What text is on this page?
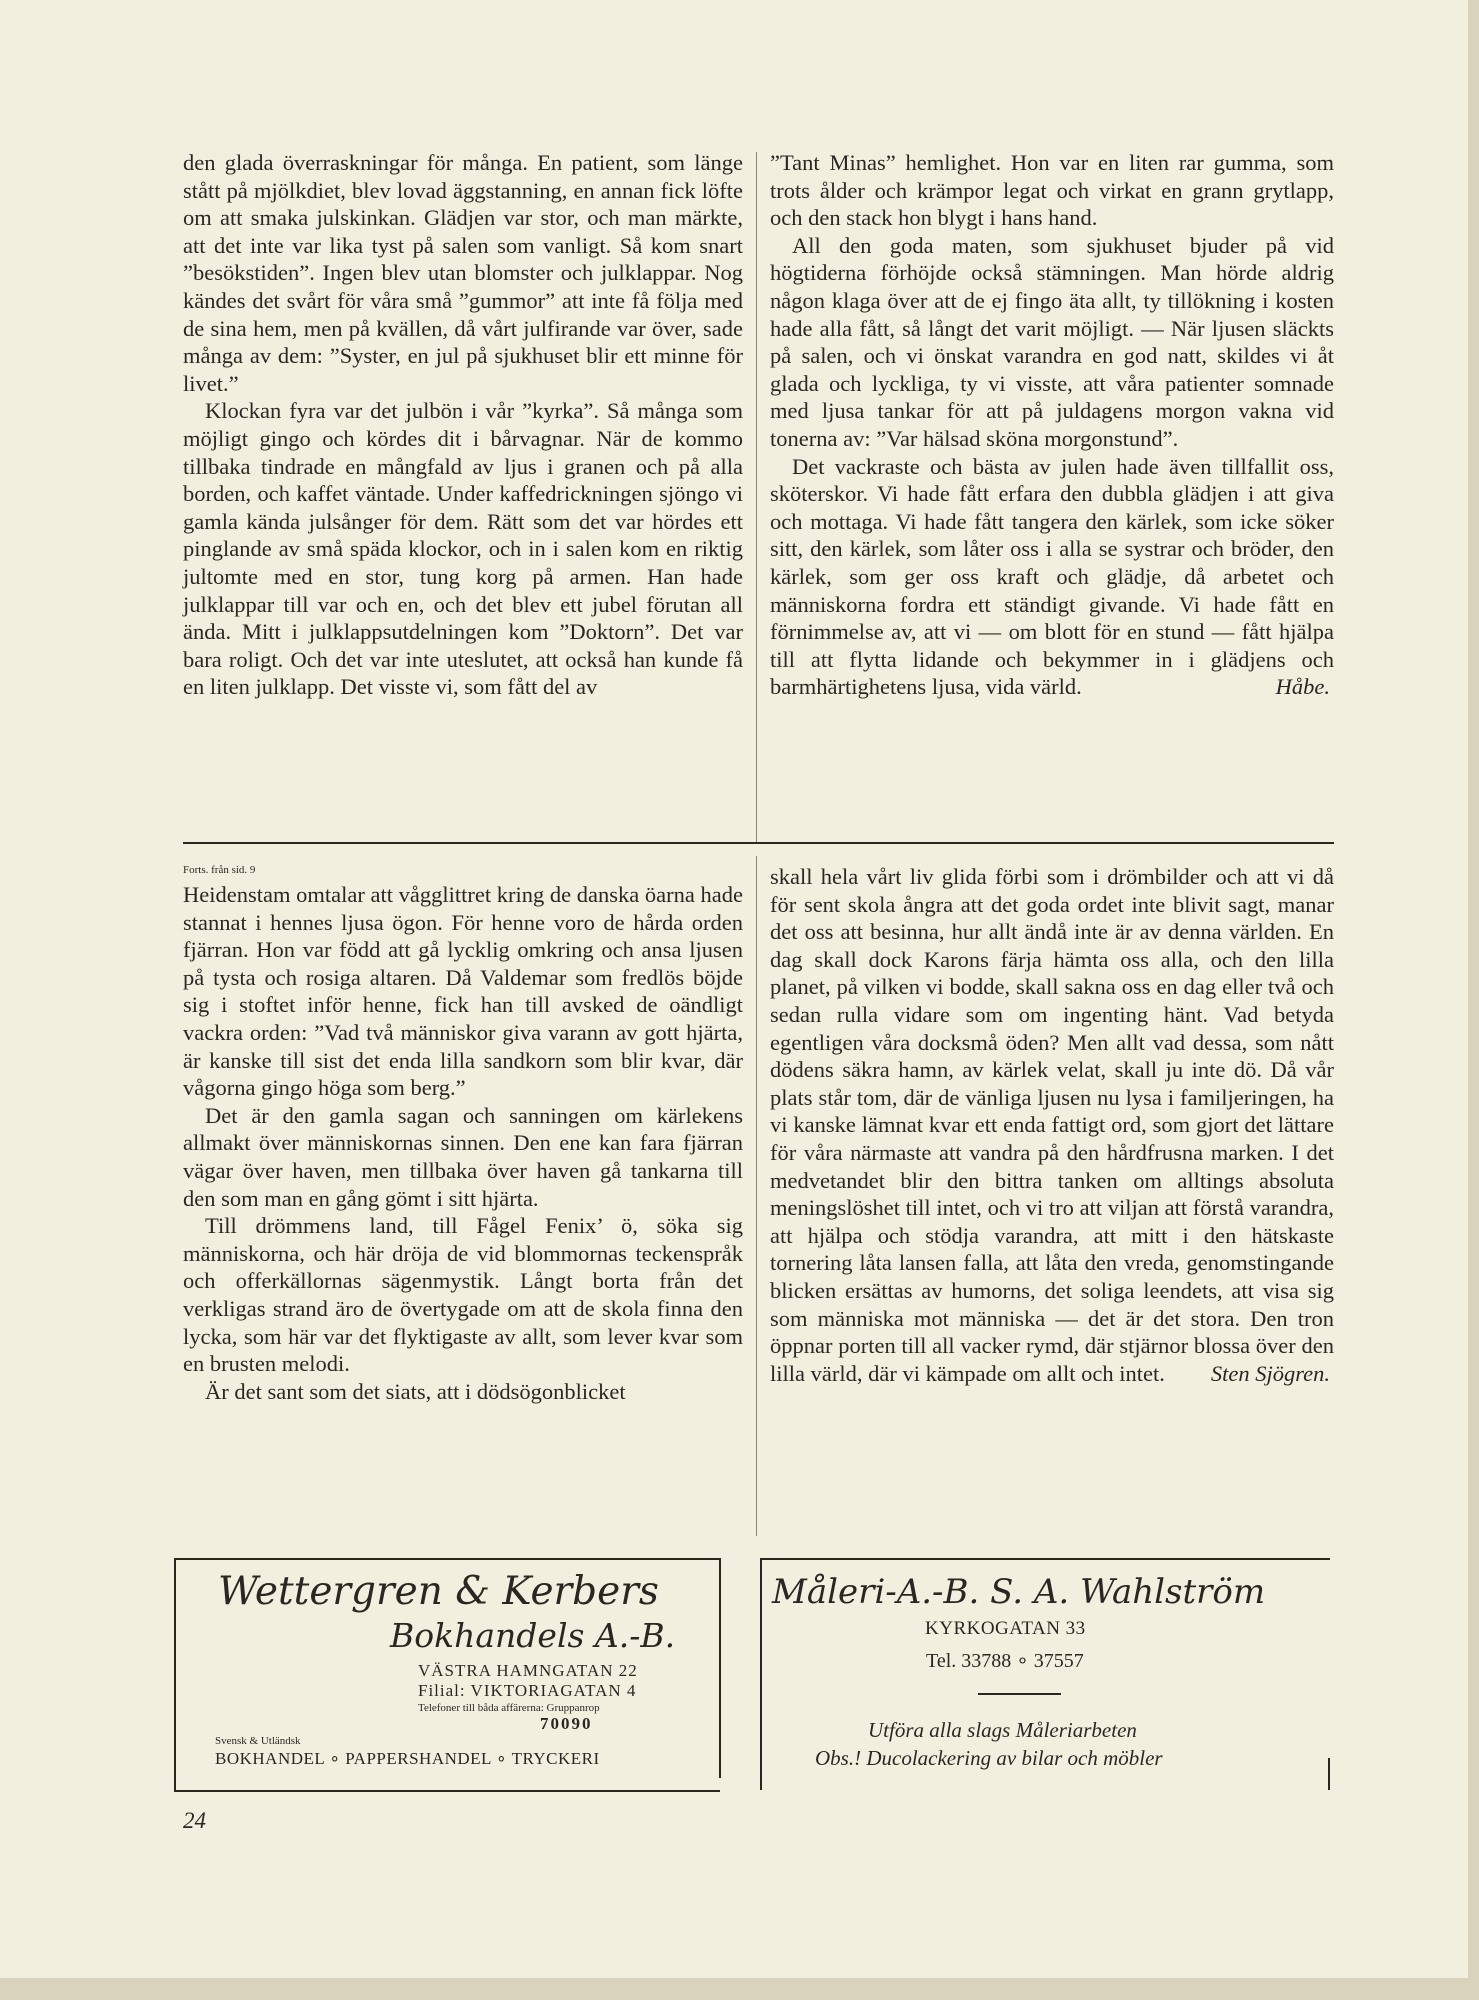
den glada överraskningar för många. En patient, som länge stått på mjölkdiet, blev lovad äggstanning, en annan fick löfte om att smaka julskinkan. Glädjen var stor, och man märkte, att det inte var lika tyst på salen som vanligt. Så kom snart ”besökstiden”. Ingen blev utan blomster och julklappar. Nog kändes det svårt för våra små ”gummor” att inte få följa med de sina hem, men på kvällen, då vårt julfirande var över, sade många av dem: ”Syster, en jul på sjukhuset blir ett minne för livet.”

Klockan fyra var det julbön i vår ”kyrka”. Så många som möjligt gingo och kördes dit i bårvagnar. När de kommo tillbaka tindrade en mångfald av ljus i granen och på alla borden, och kaffet väntade. Under kaffedrickningen sjöngo vi gamla kända julsånger för dem. Rätt som det var hördes ett pinglande av små späda klockor, och in i salen kom en riktig jultomte med en stor, tung korg på armen. Han hade julklappar till var och en, och det blev ett jubel förutan all ända. Mitt i julklappsutdelningen kom ”Doktorn”. Det var bara roligt. Och det var inte uteslutet, att också han kunde få en liten julklapp. Det visste vi, som fått del av

”Tant Minas” hemlighet. Hon var en liten rar gumma, som trots ålder och krämpor legat och virkat en grann grytlapp, och den stack hon blygt i hans hand.

All den goda maten, som sjukhuset bjuder på vid högtiderna förhöjde också stämningen. Man hörde aldrig någon klaga över att de ej fingo äta allt, ty tillökning i kosten hade alla fått, så långt det varit möjligt. — När ljusen släckts på salen, och vi önskat varandra en god natt, skildes vi åt glada och lyckliga, ty vi visste, att våra patienter somnade med ljusa tankar för att på juldagens morgon vakna vid tonerna av: ”Var hälsad sköna morgonstund”.

Det vackraste och bästa av julen hade även tillfallit oss, sköterskor. Vi hade fått erfara den dubbla glädjen i att giva och mottaga. Vi hade fått tangera den kärlek, som icke söker sitt, den kärlek, som låter oss i alla se systrar och bröder, den kärlek, som ger oss kraft och glädje, då arbetet och människorna fordra ett ständigt givande. Vi hade fått en förnimmelse av, att vi — om blott för en stund — fått hjälpa till att flytta lidande och bekymmer in i glädjens och barmhärtighetens ljusa, vida värld.	Håbe.
Forts. från sid. 9

Heidenstam omtalar att vågglittret kring de danska öarna hade stannat i hennes ljusa ögon. För henne voro de hårda orden fjärran. Hon var född att gå lycklig omkring och ansa ljusen på tysta och rosiga altaren. Då Valdemar som fredlös böjde sig i stoftet inför henne, fick han till avsked de oändligt vackra orden: ”Vad två människor giva varann av gott hjärta, är kanske till sist det enda lilla sandkorn som blir kvar, där vågorna gingo höga som berg.”

Det är den gamla sagan och sanningen om kärlekens allmakt över människornas sinnen. Den ene kan fara fjärran vägar över haven, men tillbaka över haven gå tankarna till den som man en gång gömt i sitt hjärta.

Till drömmens land, till Fågel Fenix’ ö, söka sig människorna, och här dröja de vid blommornas teckenspråk och offerkällornas sägenmystik. Långt borta från det verkligas strand äro de övertygade om att de skola finna den lycka, som här var det flyktigaste av allt, som lever kvar som en brusten melodi.

Är det sant som det siats, att i dödsögonblicket

skall hela vårt liv glida förbi som i drömbilder och att vi då för sent skola ångra att det goda ordet inte blivit sagt, manar det oss att besinna, hur allt ändå inte är av denna världen. En dag skall dock Karons färja hämta oss alla, och den lilla planet, på vilken vi bodde, skall sakna oss en dag eller två och sedan rulla vidare som om ingenting hänt. Vad betyda egentligen våra docksmå öden? Men allt vad dessa, som nått dödens säkra hamn, av kärlek velat, skall ju inte dö. Då vår plats står tom, där de vänliga ljusen nu lysa i familjeringen, ha vi kanske lämnat kvar ett enda fattigt ord, som gjort det lättare för våra närmaste att vandra på den hårdfrusna marken. I det medvetandet blir den bittra tanken om alltings absoluta meningslöshet till intet, och vi tro att viljan att förstå varandra, att hjälpa och stödja varandra, att mitt i den hätskaste tornering låta lansen falla, att låta den vreda, genomstingande blicken ersättas av humorns, det soliga leendets, att visa sig som människa mot människa — det är det stora. Den tron öppnar porten till all vacker rymd, där stjärnor blossa över den lilla värld, där vi kämpade om allt och intet.	Sten Sjögren.
Wettergren & Kerbers
Bokhandels A.-B.
VÄSTRA HAMNGATAN 22
Filial: VIKTORIAGATAN 4
Telefoner till båda affärerna: Gruppanrop
70090
Svensk & Utländsk
BOKHANDEL ∘ PAPPERSHANDEL ∘ TRYCKERI
Måleri-A.-B. S. A. Wahlström
KYRKOGATAN 33
Tel. 33788 ∘ 37557
Utföra alla slags Måleriarbeten
Obs.! Ducolackering av bilar och möbler
24
